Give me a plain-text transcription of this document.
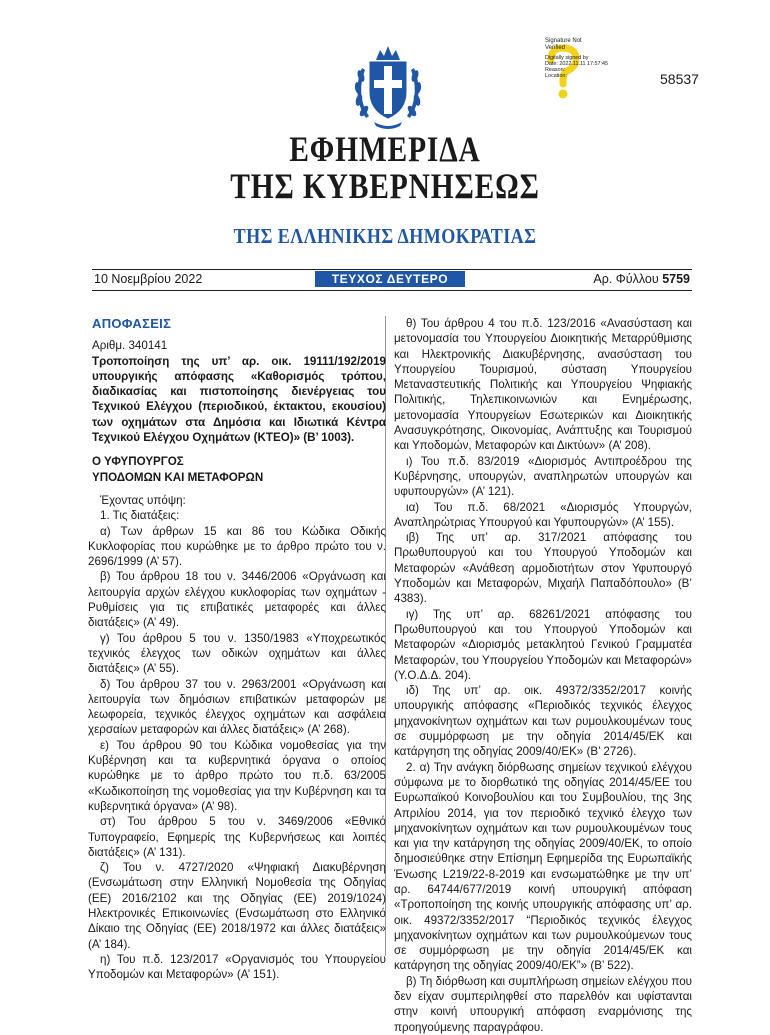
Signature Not
Verified
Digitally signed by
Date: 2022.11.11 17:57:45
Reason:
Location:	58537
ΕΦΗΜΕΡΙΔΑ
ΤΗΣ ΚΥΒΕΡΝΗΣΕΩΣ
ΤΗΣ ΕΛΛΗΝΙΚΗΣ ΔΗΜΟΚΡΑΤΙΑΣ
10 Νοεμβρίου 2022	ΤΕΥΧΟΣ ΔΕΥΤΕΡΟ	Αρ. Φύλλου 5759
ΑΠΟΦΑΣΕΙΣ
Αριθμ. 340141
Τροποποίηση της υπ’ αρ. οικ. 19111/192/2019 υπουργικής απόφασης «Καθορισμός τρόπου, διαδικασίας και πιστοποίησης διενέργειας του Τεχνικού Ελέγχου (περιοδικού, έκτακτου, εκουσίου) των οχημάτων στα Δημόσια και Ιδιωτικά Κέντρα Τεχνικού Ελέγχου Οχημάτων (ΚΤΕΟ)» (Β’ 1003).
Ο ΥΦΥΠΟΥΡΓΟΣ
ΥΠΟΔΟΜΩΝ ΚΑΙ ΜΕΤΑΦΟΡΩΝ

Έχοντας υπόψη:

1. Τις διατάξεις:

α) Των άρθρων 15 και 86 του Κώδικα Οδικής Κυκλοφορίας που κυρώθηκε με το άρθρο πρώτο του ν. 2696/1999 (Α’ 57).

β) Του άρθρου 18 του ν. 3446/2006 «Οργάνωση και λειτουργία αρχών ελέγχου κυκλοφορίας των οχημάτων - Ρυθμίσεις για τις επιβατικές μεταφορές και άλλες διατάξεις» (Α’ 49).

γ) Του άρθρου 5 του ν. 1350/1983 «Υποχρεωτικός τεχνικός έλεγχος των οδικών οχημάτων και άλλες διατάξεις» (Α’ 55).

δ) Του άρθρου 37 του ν. 2963/2001 «Οργάνωση και λειτουργία των δημόσιων επιβατικών μεταφορών με λεωφορεία, τεχνικός έλεγχος οχημάτων και ασφάλεια χερσαίων μεταφορών και άλλες διατάξεις» (Α’ 268).

ε) Του άρθρου 90 του Κώδικα νομοθεσίας για την Κυβέρνηση και τα κυβερνητικά όργανα ο οποίος κυρώθηκε με το άρθρο πρώτο του π.δ. 63/2005 «Κωδικοποίηση της νομοθεσίας για την Κυβέρνηση και τα κυβερνητικά όργανα» (Α’ 98).

στ) Του άρθρου 5 του ν. 3469/2006 «Εθνικό Τυπογραφείο, Εφημερίς της Κυβερνήσεως και λοιπές διατάξεις» (Α’ 131).

ζ) Του ν. 4727/2020 «Ψηφιακή Διακυβέρνηση (Ενσωμάτωση στην Ελληνική Νομοθεσία της Οδηγίας (ΕΕ) 2016/2102 και της Οδηγίας (ΕΕ) 2019/1024) Ηλεκτρονικές Επικοινωνίες (Ενσωμάτωση στο Ελληνικό Δίκαιο της Οδηγίας (ΕΕ) 2018/1972 και άλλες διατάξεις» (Α’ 184).

η) Του π.δ. 123/2017 «Οργανισμός του Υπουργείου Υποδομών και Μεταφορών» (Α’ 151).

θ) Του άρθρου 4 του π.δ. 123/2016 «Ανασύσταση και μετονομασία του Υπουργείου Διοικητικής Μεταρρύθμισης και Ηλεκτρονικής Διακυβέρνησης, ανασύσταση του Υπουργείου Τουρισμού, σύσταση Υπουργείου Μεταναστευτικής Πολιτικής και Υπουργείου Ψηφιακής Πολιτικής, Τηλεπικοινωνιών και Ενημέρωσης, μετονομασία Υπουργείων Εσωτερικών και Διοικητικής Ανασυγκρότησης, Οικονομίας, Ανάπτυξης και Τουρισμού και Υποδομών, Μεταφορών και Δικτύων» (Α’ 208).

ι) Του π.δ. 83/2019 «Διορισμός Αντιπροέδρου της Κυβέρνησης, υπουργών, αναπληρωτών υπουργών και υφυπουργών» (Α’ 121).

ια) Του π.δ. 68/2021 «Διορισμός Υπουργών, Αναπληρώτριας Υπουργού και Υφυπουργών» (Α’ 155).

ιβ) Της υπ’ αρ. 317/2021 απόφασης του Πρωθυπουργού και του Υπουργού Υποδομών και Μεταφορών «Ανάθεση αρμοδιοτήτων στον Υφυπουργό Υποδομών και Μεταφορών, Μιχαήλ Παπαδόπουλο» (Β’ 4383).

ιγ) Της υπ’ αρ. 68261/2021 απόφασης του Πρωθυπουργού και του Υπουργού Υποδομών και Μεταφορών «Διορισμός μετακλητού Γενικού Γραμματέα Μεταφορών, του Υπουργείου Υποδομών και Μεταφορών» (Υ.Ο.Δ.Δ. 204).

ιδ) Της υπ’ αρ. οικ. 49372/3352/2017 κοινής υπουργικής απόφασης «Περιοδικός τεχνικός έλεγχος μηχανοκίνητων οχημάτων και των ρυμουλκουμένων τους σε συμμόρφωση με την οδηγία 2014/45/ΕΚ και κατάργηση της οδηγίας 2009/40/ΕΚ» (Β’ 2726).

2. α) Την ανάγκη διόρθωσης σημείων τεχνικού ελέγχου σύμφωνα με το διορθωτικό της οδηγίας 2014/45/ΕΕ του Ευρωπαϊκού Κοινοβουλίου και του Συμβουλίου, της 3ης Απριλίου 2014, για τον περιοδικό τεχνικό έλεγχο των μηχανοκίνητων οχημάτων και των ρυμουλκουμένων τους και για την κατάργηση της οδηγίας 2009/40/ΕΚ, το οποίο δημοσιεύθηκε στην Επίσημη Εφημερίδα της Ευρωπαϊκής Ένωσης L219/22-8-2019 και ενσωματώθηκε με την υπ’ αρ. 64744/677/2019 κοινή υπουργική απόφαση «Τροποποίηση της κοινής υπουργικής απόφασης υπ’ αρ. οικ. 49372/3352/2017 “Περιοδικός τεχνικός έλεγχος μηχανοκίνητων οχημάτων και των ρυμουλκούμενων τους σε συμμόρφωση με την οδηγία 2014/45/ΕΚ και κατάργηση της οδηγίας 2009/40/ΕΚ”» (Β’ 522).

β) Τη διόρθωση και συμπλήρωση σημείων ελέγχου που δεν είχαν συμπεριληφθεί στο παρελθόν και υφίστανται στην κοινή υπουργική απόφαση εναρμόνισης της προηγούμενης παραγράφου.
